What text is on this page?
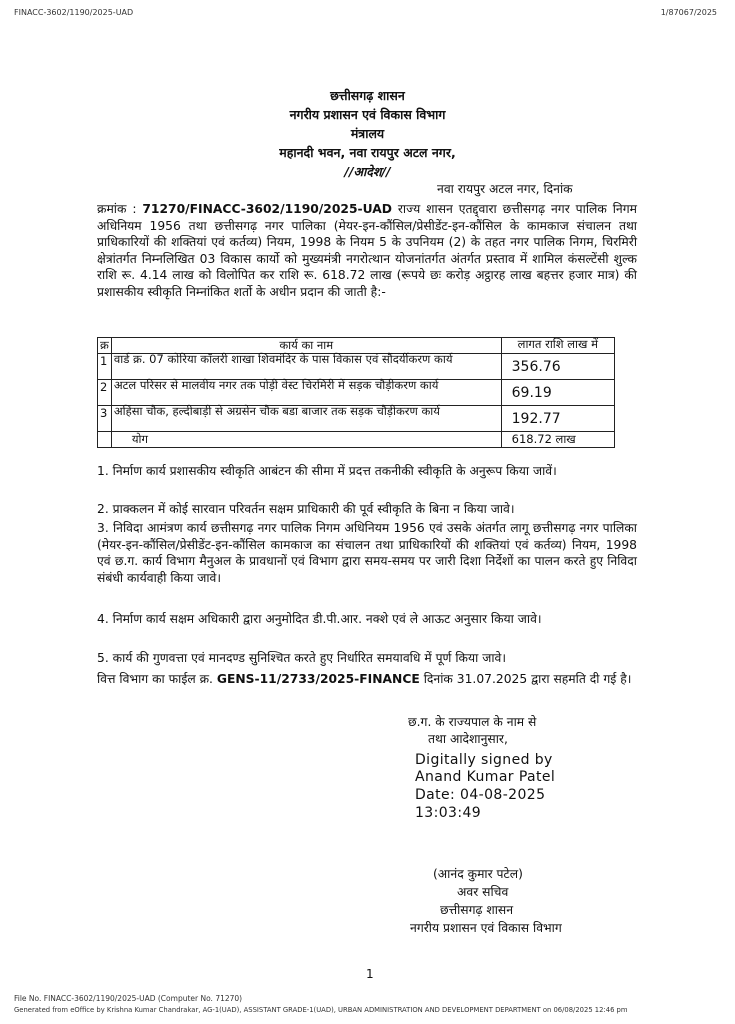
FINACC-3602/1190/2025-UAD	1/87067/2025
छत्तीसगढ़ शासन
नगरीय प्रशासन एवं विकास विभाग
मंत्रालय
महानदी भवन, नवा रायपुर अटल नगर,
//आदेश//
नवा रायपुर अटल नगर, दिनांक
क्रमांक : 71270/FINACC-3602/1190/2025-UAD राज्य शासन एतद्द्वारा छत्तीसगढ़ नगर पालिक निगम अधिनियम 1956 तथा छत्तीसगढ़ नगर पालिका (मेयर-इन-कौंसिल/प्रेसीडेंट-इन-कौंसिल के कामकाज संचालन तथा प्राधिकारियों की शक्तियां एवं कर्तव्य) नियम, 1998 के नियम 5 के उपनियम (2) के तहत नगर पालिक निगम, चिरमिरी क्षेत्रांतर्गत निम्नलिखित 03 विकास कार्यो को मुख्यमंत्री नगरोत्थान योजनांतर्गत अंतर्गत प्रस्ताव में शामिल कंसल्टेंसी शुल्क राशि रू. 4.14 लाख को विलोपित कर राशि रू. 618.72 लाख (रूपये छः करोड़ अट्ठारह लाख बहत्तर हजार मात्र) की प्रशासकीय स्वीकृति निम्नांकित शर्तो के अधीन प्रदान की जाती है:-
क्र	कार्य का नाम	लागत राशि लाख में
1	वार्ड क्र. 07 कोरिया कॉलरी शाखा शिवमंदिर के पास विकास एवं सौंदर्यीकरण कार्य	356.76
2	अटल परिसर से मालवीय नगर तक पोड़ी वेस्ट चिरमिरी में सड़क चौड़ीकरण कार्य	69.19
3	अहिंसा चौक, हल्दीबाड़ी से अग्रसेन चौक बडा बाजार तक सड़क चौड़ीकरण कार्य	192.77
	योग	618.72 लाख
1. निर्माण कार्य प्रशासकीय स्वीकृति आबंटन की सीमा में प्रदत्त तकनीकी स्वीकृति के अनुरूप किया जावें।
2. प्राक्कलन में कोई सारवान परिवर्तन सक्षम प्राधिकारी की पूर्व स्वीकृति के बिना न किया जावे।
3. निविदा आमंत्रण कार्य छत्तीसगढ़ नगर पालिक निगम अधिनियम 1956 एवं उसके अंतर्गत लागू छत्तीसगढ़ नगर पालिका (मेयर-इन-कौंसिल/प्रेसीडेंट-इन-कौंसिल कामकाज का संचालन तथा प्राधिकारियों की शक्तियां एवं कर्तव्य) नियम, 1998 एवं छ.ग. कार्य विभाग मैनुअल के प्रावधानों एवं विभाग द्वारा समय-समय पर जारी दिशा निर्देशों का पालन करते हुए निविदा संबंधी कार्यवाही किया जावे।
4. निर्माण कार्य सक्षम अधिकारी द्वारा अनुमोदित डी.पी.आर. नक्शे एवं ले आऊट अनुसार किया जावे।
5. कार्य की गुणवत्ता एवं मानदण्ड सुनिश्चित करते हुए निर्धारित समयावधि में पूर्ण किया जावे।
वित्त विभाग का फाईल क्र. GENS-11/2733/2025-FINANCE दिनांक 31.07.2025 द्वारा सहमति दी गई है।
छ.ग. के राज्यपाल के नाम से
तथा आदेशानुसार,
Digitally signed by
Anand Kumar Patel
Date: 04-08-2025
13:03:49
(आनंद कुमार पटेल)
अवर सचिव
छत्तीसगढ़ शासन
नगरीय प्रशासन एवं विकास विभाग
1
File No. FINACC-3602/1190/2025-UAD (Computer No. 71270)
Generated from eOffice by Krishna Kumar Chandrakar, AG-1(UAD), ASSISTANT GRADE-1(UAD), URBAN ADMINISTRATION AND DEVELOPMENT DEPARTMENT on 06/08/2025 12:46 pm
